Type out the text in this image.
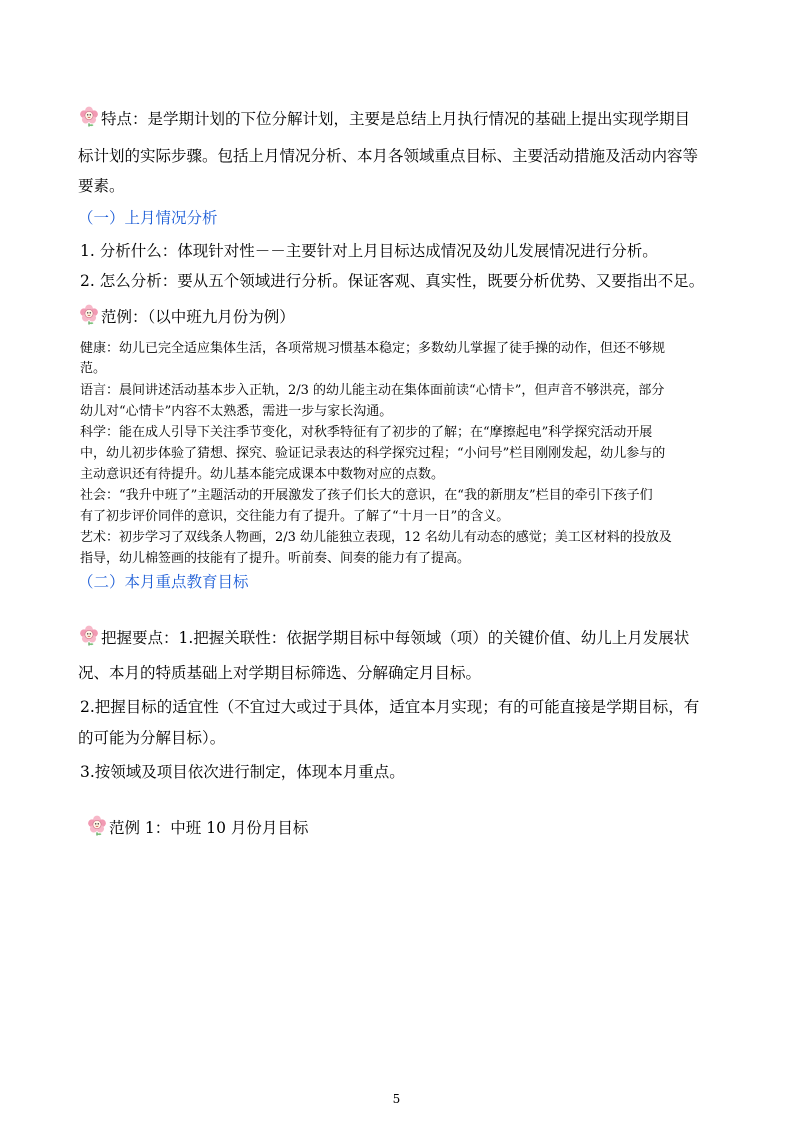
特点：是学期计划的下位分解计划，主要是总结上月执行情况的基础上提出实现学期目
标计划的实际步骤。包括上月情况分析、本月各领域重点目标、主要活动措施及活动内容等
要素。
（一）上月情况分析
1. 分析什么：体现针对性－－主要针对上月目标达成情况及幼儿发展情况进行分析。
2. 怎么分析：要从五个领域进行分析。保证客观、真实性，既要分析优势、又要指出不足。
范例：（以中班九月份为例）
健康：幼儿已完全适应集体生活，各项常规习惯基本稳定；多数幼儿掌握了徒手操的动作，但还不够规
范。
语言：晨间讲述活动基本步入正轨，2/3 的幼儿能主动在集体面前读“心情卡”，但声音不够洪亮，部分
幼儿对“心情卡”内容不太熟悉，需进一步与家长沟通。
科学：能在成人引导下关注季节变化，对秋季特征有了初步的了解；在“摩擦起电”科学探究活动开展
中，幼儿初步体验了猜想、探究、验证记录表达的科学探究过程；“小问号”栏目刚刚发起，幼儿参与的
主动意识还有待提升。幼儿基本能完成课本中数物对应的点数。
社会：“我升中班了”主题活动的开展激发了孩子们长大的意识，在“我的新朋友”栏目的牵引下孩子们
有了初步评价同伴的意识，交往能力有了提升。了解了“十月一日”的含义。
艺术：初步学习了双线条人物画，2/3 幼儿能独立表现，12 名幼儿有动态的感觉；美工区材料的投放及
指导，幼儿棉签画的技能有了提升。听前奏、间奏的能力有了提高。
（二）本月重点教育目标
把握要点：1.把握关联性：依据学期目标中每领域（项）的关键价值、幼儿上月发展状
况、本月的特质基础上对学期目标筛选、分解确定月目标。
2.把握目标的适宜性（不宜过大或过于具体，适宜本月实现；有的可能直接是学期目标，有
的可能为分解目标）。
3.按领域及项目依次进行制定，体现本月重点。
范例 1：中班 10 月份月目标
5
